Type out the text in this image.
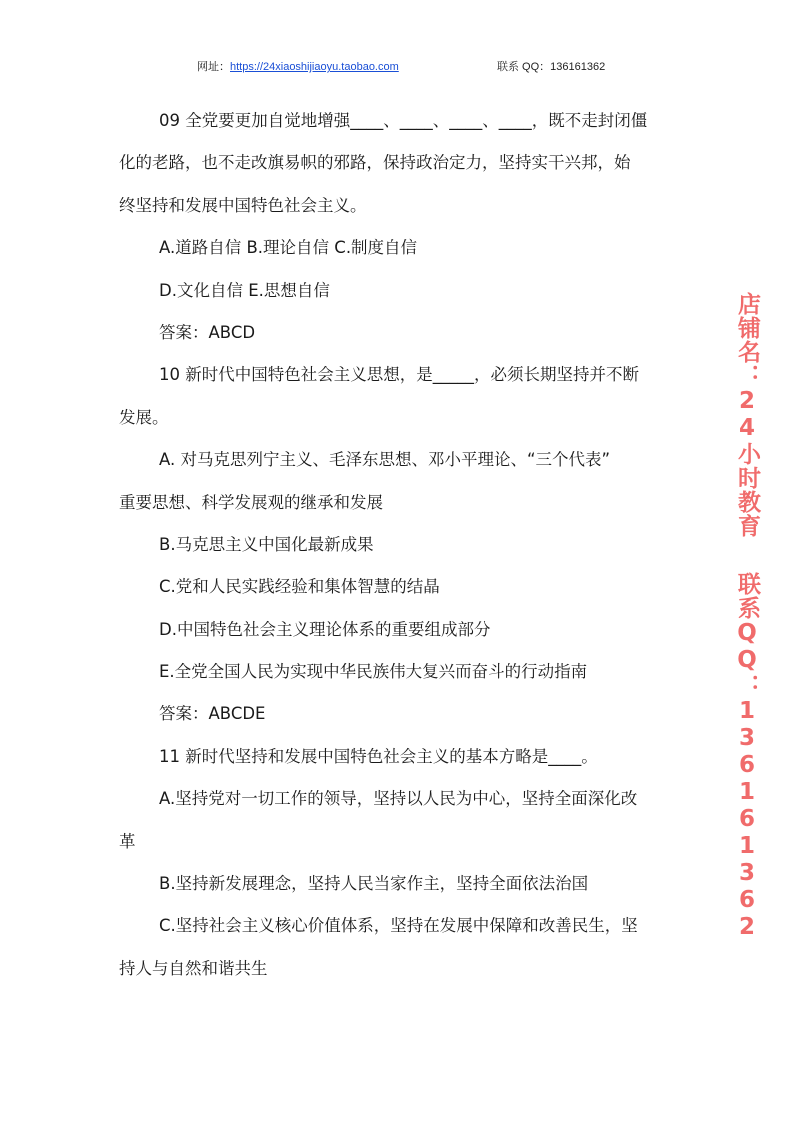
网址：https://24xiaoshijiaoyu.taobao.com	联系 QQ：136161362

09 全党要更加自觉地增强____、____、____、____，既不走封闭僵

化的老路，也不走改旗易帜的邪路，保持政治定力，坚持实干兴邦，始

终坚持和发展中国特色社会主义。

A.道路自信 B.理论自信 C.制度自信

D.文化自信 E.思想自信

答案：ABCD

10 新时代中国特色社会主义思想，是_____，必须长期坚持并不断

发展。

A. 对马克思列宁主义、毛泽东思想、邓小平理论、“三个代表”

重要思想、科学发展观的继承和发展

B.马克思主义中国化最新成果

C.党和人民实践经验和集体智慧的结晶

D.中国特色社会主义理论体系的重要组成部分

E.全党全国人民为实现中华民族伟大复兴而奋斗的行动指南

答案：ABCDE

11 新时代坚持和发展中国特色社会主义的基本方略是____。

A.坚持党对一切工作的领导，坚持以人民为中心，坚持全面深化改

革

B.坚持新发展理念，坚持人民当家作主，坚持全面依法治国

C.坚持社会主义核心价值体系，坚持在发展中保障和改善民生，坚

持人与自然和谐共生

店铺名：24小时教育联系QQ：136161362
